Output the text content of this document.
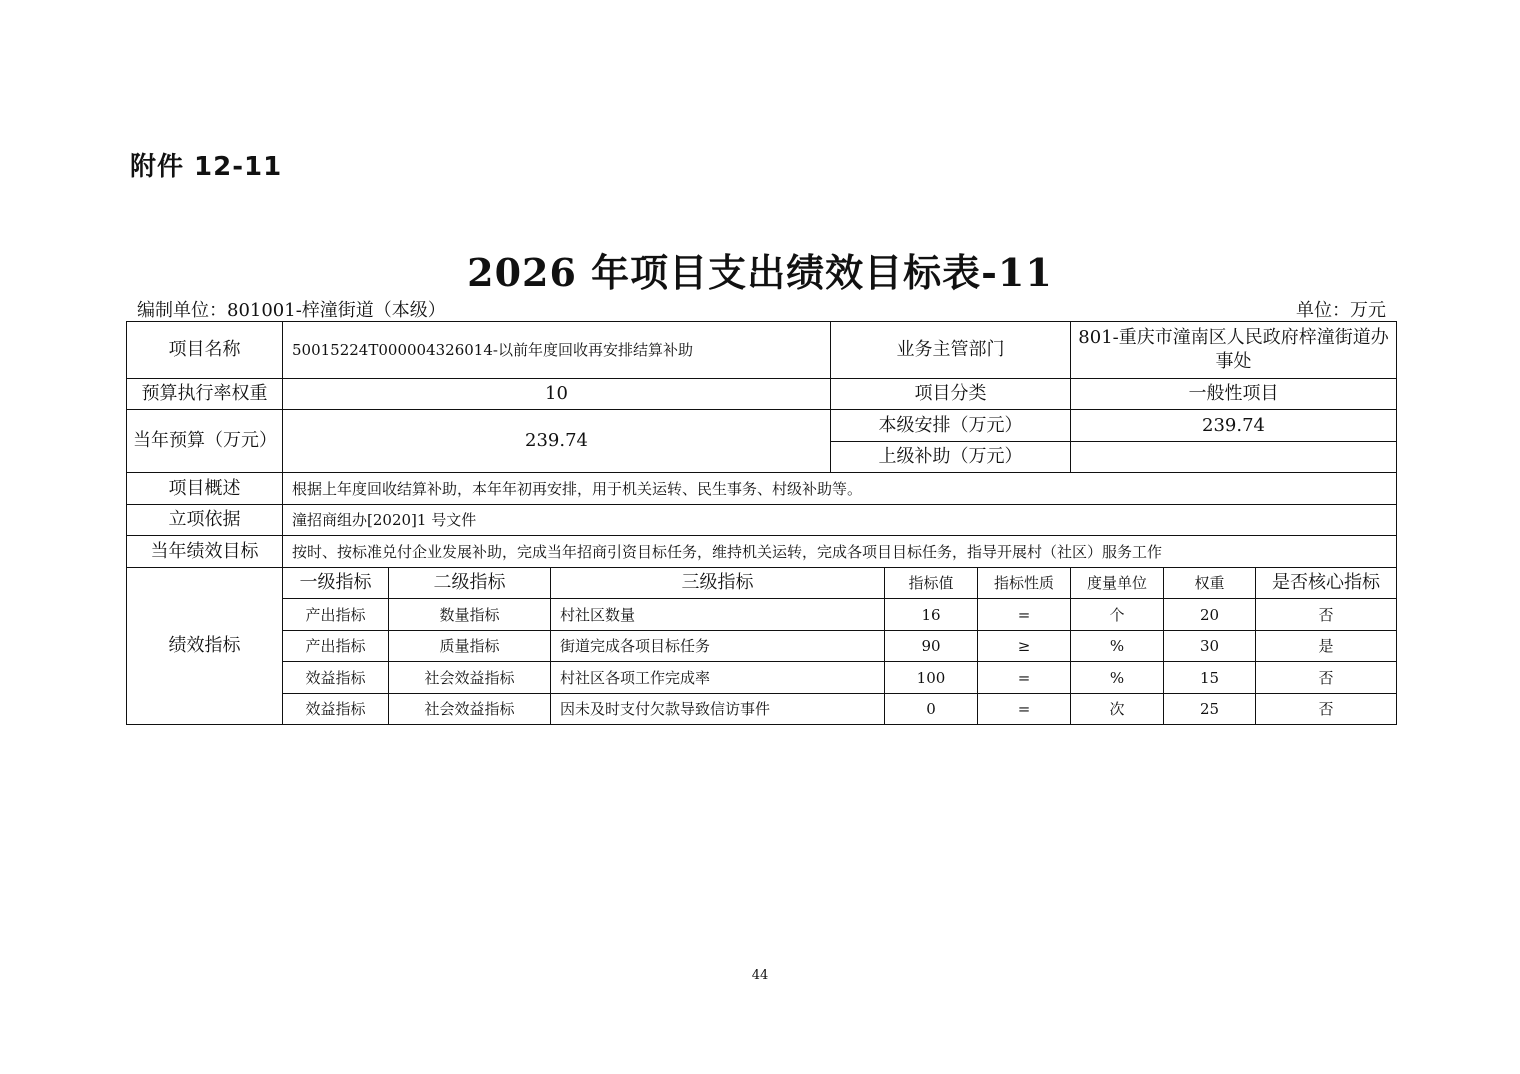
附件 12-11
2026 年项目支出绩效目标表-11
编制单位：801001-梓潼街道（本级）	单位：万元
项目名称	50015224T000004326014-以前年度回收再安排结算补助			业务主管部门			801-重庆市潼南区人民政府梓潼街道办事处		
预算执行率权重	10			项目分类			一般性项目		
当年预算（万元）	239.74			本级安排（万元）			239.74		
				上级补助（万元）					
项目概述	根据上年度回收结算补助，本年年初再安排，用于机关运转、民生事务、村级补助等。								
立项依据	潼招商组办[2020]1 号文件								
当年绩效目标	按时、按标准兑付企业发展补助，完成当年招商引资目标任务，维持机关运转，完成各项目目标任务，指导开展村（社区）服务工作								
绩效指标	一级指标	二级指标	三级指标		指标值	指标性质	度量单位	权重	是否核心指标
	产出指标	数量指标	村社区数量		16	=	个	20	否
	产出指标	质量指标	街道完成各项目标任务		90	≥	%	30	是
	效益指标	社会效益指标	村社区各项工作完成率		100	=	%	15	否
	效益指标	社会效益指标	因未及时支付欠款导致信访事件		0	=	次	25	否
44
